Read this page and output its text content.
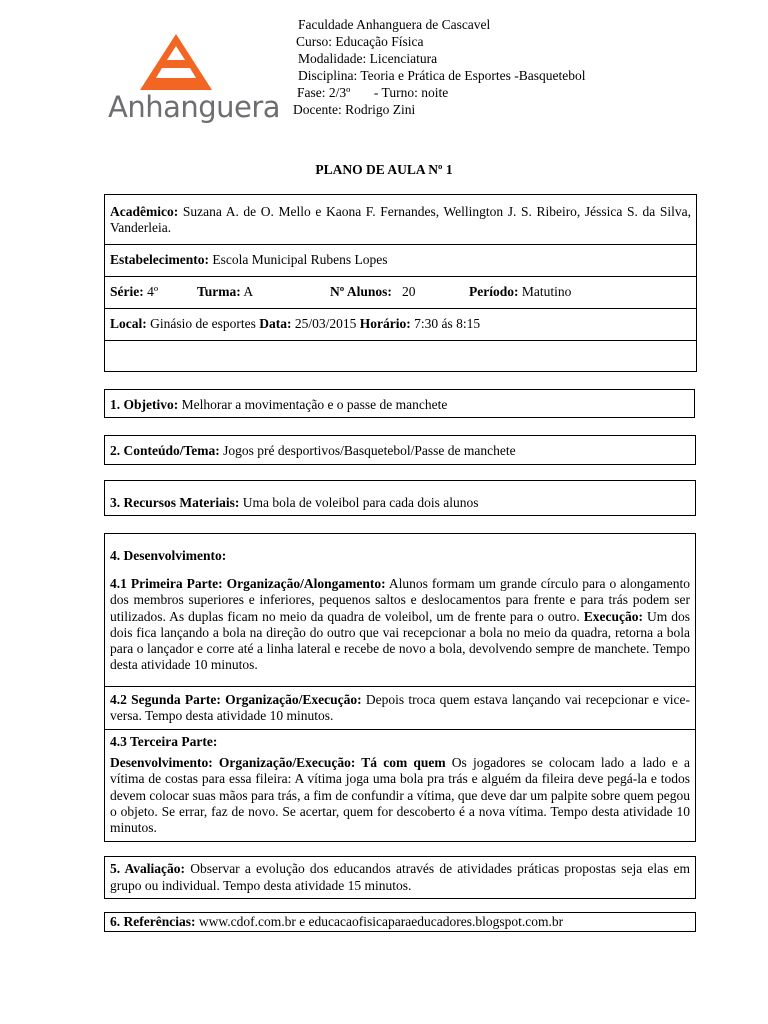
Anhanguera
Faculdade Anhanguera de Cascavel
Curso: Educação Física
Modalidade: Licenciatura
Disciplina: Teoria e Prática de Esportes -Basquetebol
Fase: 2/3º       - Turno: noite
Docente: Rodrigo Zini
PLANO DE AULA Nº 1
Acadêmico: Suzana A. de O. Mello e Kaona F. Fernandes, Wellington J. S. Ribeiro, Jéssica S. da Silva, Vanderleia.
Estabelecimento: Escola Municipal Rubens Lopes
Série: 4º	Turma: A	Nº Alunos: 20	Período: Matutino
Local: Ginásio de esportes Data: 25/03/2015 Horário: 7:30 ás 8:15
1. Objetivo: Melhorar a movimentação e o passe de manchete
2. Conteúdo/Tema: Jogos pré desportivos/Basquetebol/Passe de manchete
3. Recursos Materiais: Uma bola de voleibol para cada dois alunos
4. Desenvolvimento:
4.1 Primeira Parte: Organização/Alongamento: Alunos formam um grande círculo para o alongamento dos membros superiores e inferiores, pequenos saltos e deslocamentos para frente e para trás podem ser utilizados. As duplas ficam no meio da quadra de voleibol, um de frente para o outro. Execução: Um dos dois fica lançando a bola na direção do outro que vai recepcionar a bola no meio da quadra, retorna a bola para o lançador e corre até a linha lateral e recebe de novo a bola, devolvendo sempre de manchete. Tempo desta atividade 10 minutos.
4.2 Segunda Parte: Organização/Execução: Depois troca quem estava lançando vai recepcionar e vice-versa. Tempo desta atividade 10 minutos.
4.3 Terceira Parte:
Desenvolvimento: Organização/Execução: Tá com quem Os jogadores se colocam lado a lado e a vítima de costas para essa fileira: A vítima joga uma bola pra trás e alguém da fileira deve pegá-la e todos devem colocar suas mãos para trás, a fim de confundir a vítima, que deve dar um palpite sobre quem pegou o objeto. Se errar, faz de novo. Se acertar, quem for descoberto é a nova vítima. Tempo desta atividade 10 minutos.
5. Avaliação: Observar a evolução dos educandos através de atividades práticas propostas seja elas em grupo ou individual. Tempo desta atividade 15 minutos.
6. Referências: www.cdof.com.br e educacaofisicaparaeducadores.blogspot.com.br
